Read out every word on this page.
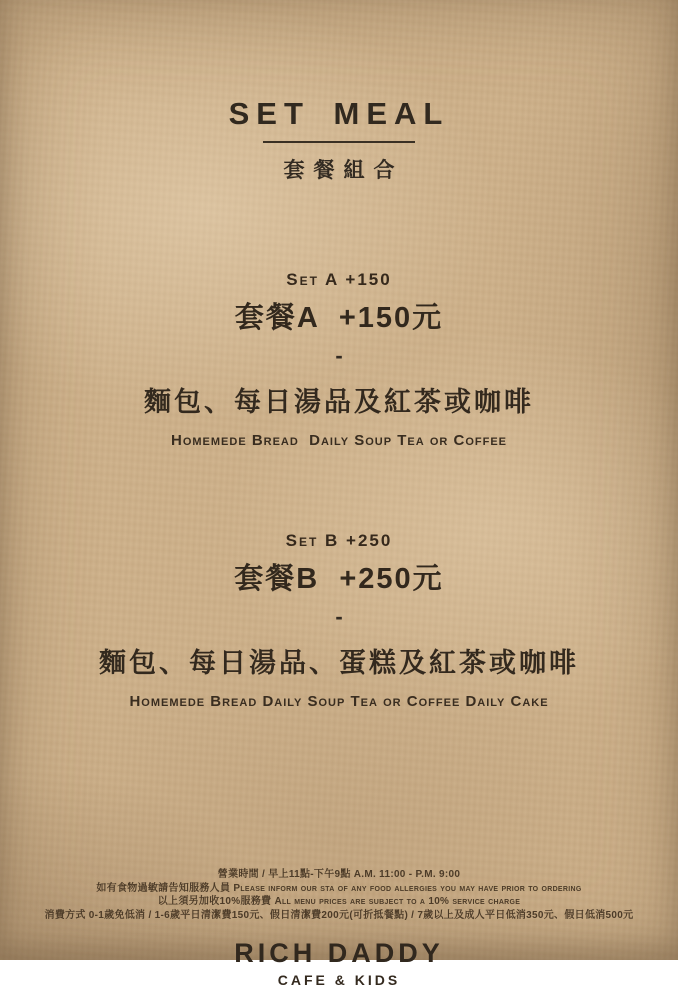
SET MEAL
套餐組合
Set A +150
套餐A  +150元
-
麵包、每日湯品及紅茶或咖啡
Homemede Bread  Daily Soup Tea or Coffee
Set B +250
套餐B  +250元
-
麵包、每日湯品、蛋糕及紅茶或咖啡
Homemede Bread Daily Soup Tea or Coffee Daily Cake
營業時間 / 早上11點-下午9點 A.M. 11:00 - P.M. 9:00
如有食物過敏請告知服務人員 Please inform our sta of any food allergies you may have prior to ordering
以上須另加收10%服務費 All menu prices are subject to a 10% service charge
消費方式 0-1歲免低消 / 1-6歲平日清潔費150元、假日清潔費200元(可折抵餐點) / 7歲以上及成人平日低消350元、假日低消500元
RICH DADDY
CAFE & KIDS
